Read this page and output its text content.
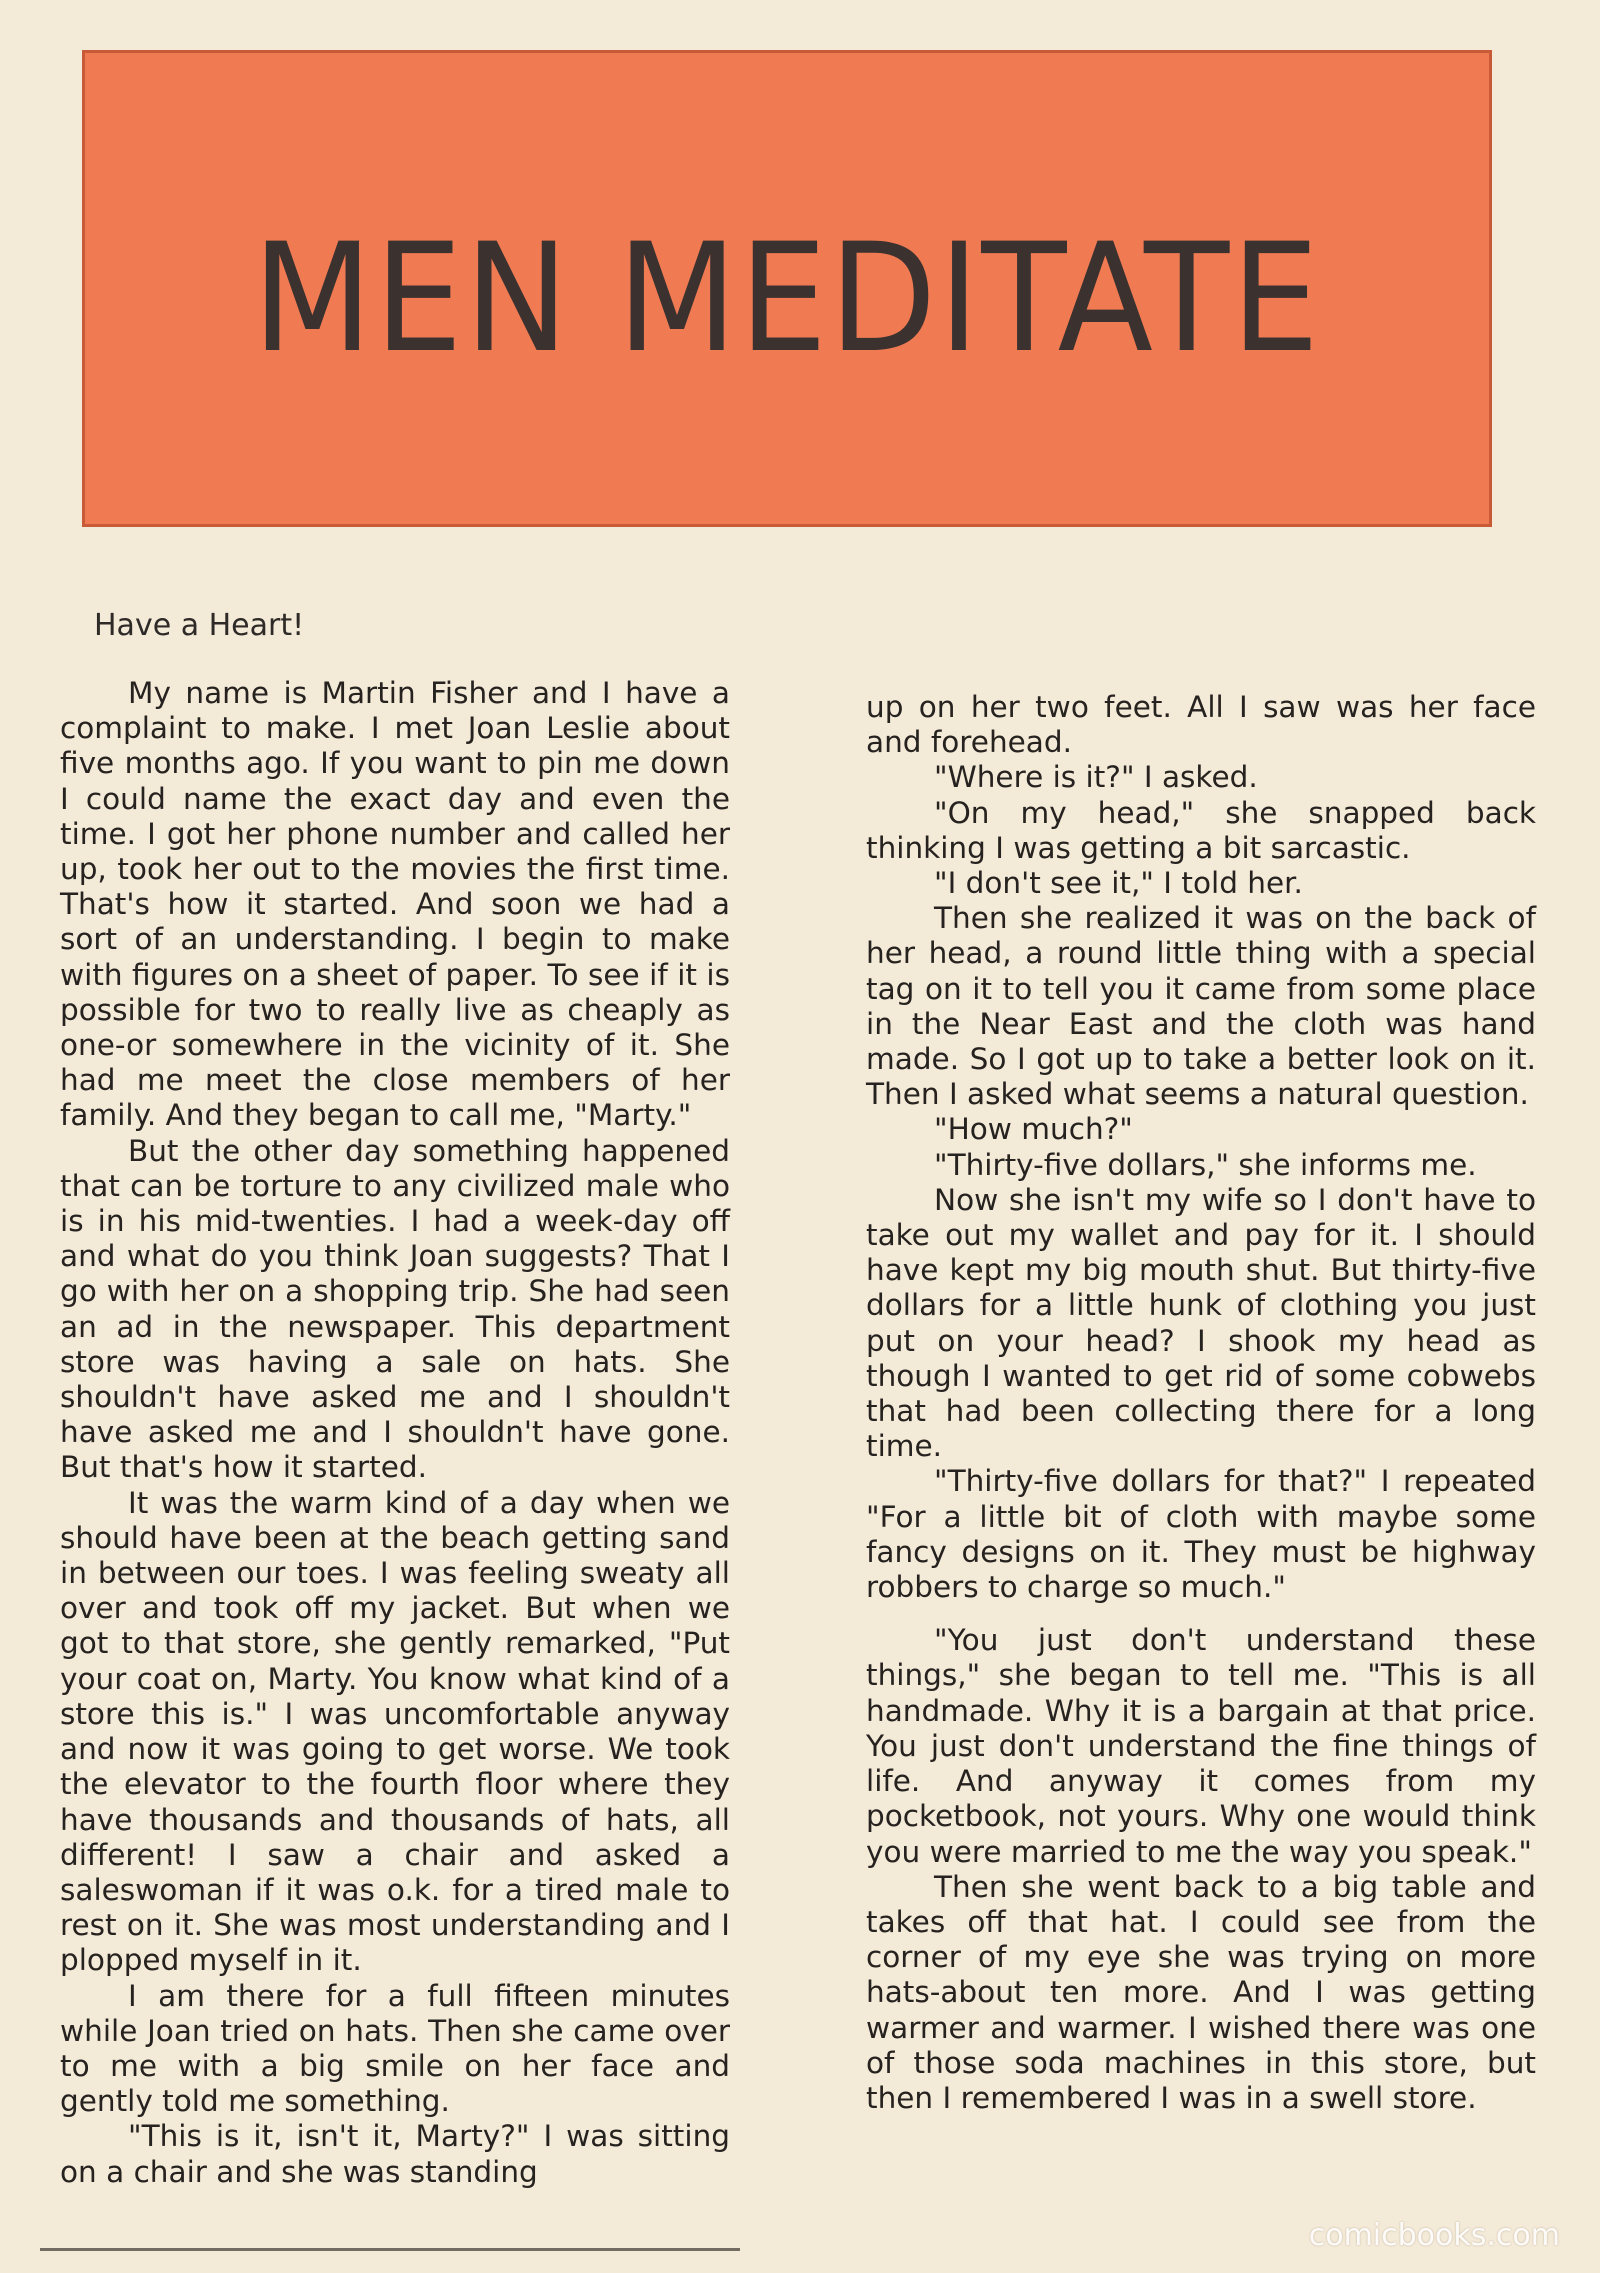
MEN MEDITATE
Have a Heart!

My name is Martin Fisher and I have a complaint to make. I met Joan Leslie about five months ago. If you want to pin me down I could name the exact day and even the time. I got her phone number and called her up, took her out to the movies the first time. That's how it started. And soon we had a sort of an understanding. I begin to make with figures on a sheet of paper. To see if it is possible for two to really live as cheaply as one-or somewhere in the vicinity of it. She had me meet the close members of her family. And they began to call me, "Marty."

But the other day something happened that can be torture to any civilized male who is in his mid-twenties. I had a week-day off and what do you think Joan suggests? That I go with her on a shopping trip. She had seen an ad in the newspaper. This department store was having a sale on hats. She shouldn't have asked me and I shouldn't have asked me and I shouldn't have gone. But that's how it started.

It was the warm kind of a day when we should have been at the beach getting sand in between our toes. I was feeling sweaty all over and took off my jacket. But when we got to that store, she gently remarked, "Put your coat on, Marty. You know what kind of a store this is." I was uncomfortable anyway and now it was going to get worse. We took the elevator to the fourth floor where they have thousands and thousands of hats, all different! I saw a chair and asked a saleswoman if it was o.k. for a tired male to rest on it. She was most understanding and I plopped myself in it.

I am there for a full fifteen minutes while Joan tried on hats. Then she came over to me with a big smile on her face and gently told me something.

"This is it, isn't it, Marty?" I was sitting on a chair and she was standing

up on her two feet. All I saw was her face and forehead.

"Where is it?" I asked.

"On my head," she snapped back thinking I was getting a bit sarcastic.

"I don't see it," I told her.

Then she realized it was on the back of her head, a round little thing with a special tag on it to tell you it came from some place in the Near East and the cloth was hand made. So I got up to take a better look on it. Then I asked what seems a natural question.

"How much?"

"Thirty-five dollars," she informs me.

Now she isn't my wife so I don't have to take out my wallet and pay for it. I should have kept my big mouth shut. But thirty-five dollars for a little hunk of clothing you just put on your head? I shook my head as though I wanted to get rid of some cobwebs that had been collecting there for a long time.

"Thirty-five dollars for that?" I repeated "For a little bit of cloth with maybe some fancy designs on it. They must be highway robbers to charge so much."

"You just don't understand these things," she began to tell me. "This is all handmade. Why it is a bargain at that price. You just don't understand the fine things of life. And anyway it comes from my pocketbook, not yours. Why one would think you were married to me the way you speak."

Then she went back to a big table and takes off that hat. I could see from the corner of my eye she was trying on more hats-about ten more. And I was getting warmer and warmer. I wished there was one of those soda machines in this store, but then I remembered I was in a swell store.

comicbooks.com
